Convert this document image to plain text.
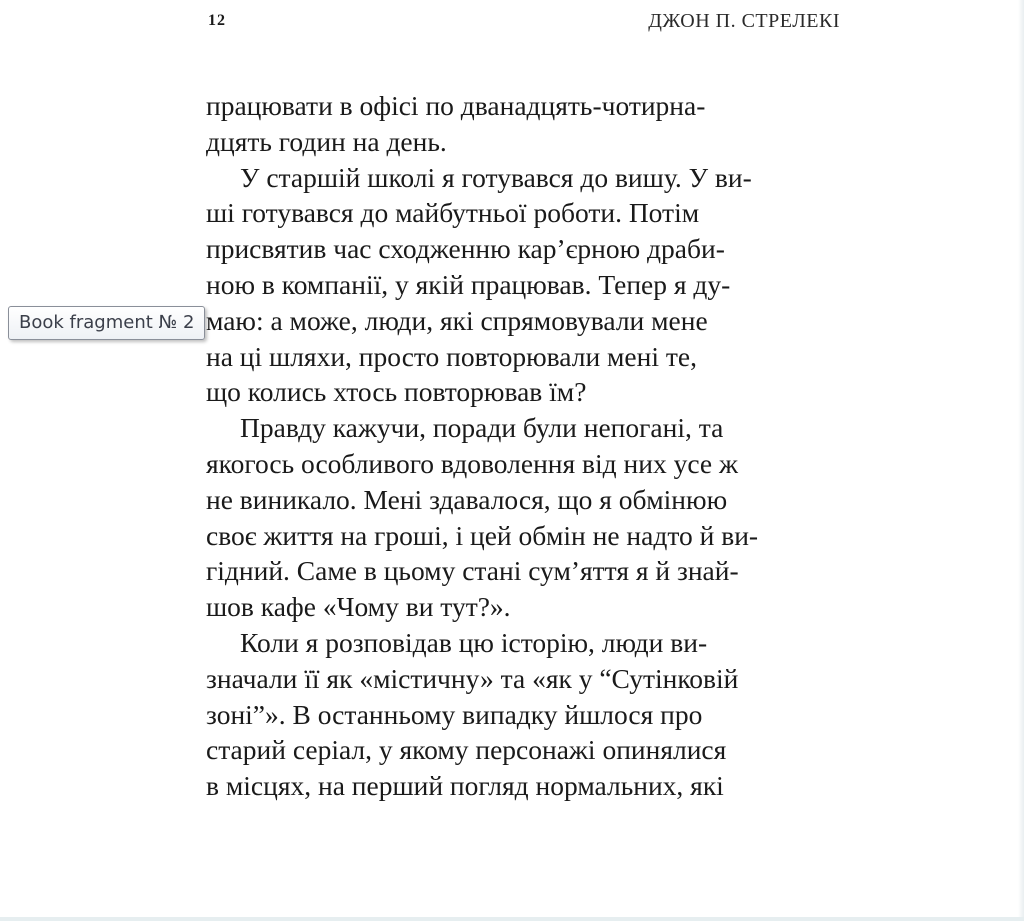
12	ДЖОН П. СТРЕЛЕКІ
працювати в офісі по дванадцять-чотирна-
дцять годин на день.
У старшій школі я готувався до вишу. У ви-
ші готувався до майбутньої роботи. Потім
присвятив час сходженню кар’єрною драби-
ною в компанії, у якій працював. Тепер я ду-
маю: а може, люди, які спрямовували мене
на ці шляхи, просто повторювали мені те,
що колись хтось повторював їм?
Правду кажучи, поради були непогані, та
якогось особливого вдоволення від них усе ж
не виникало. Мені здавалося, що я обмінюю
своє життя на гроші, і цей обмін не надто й ви-
гідний. Саме в цьому стані сум’яття я й знай-
шов кафе «Чому ви тут?».
Коли я розповідав цю історію, люди ви-
значали її як «містичну» та «як у “Сутінковій
зоні”». В останньому випадку йшлося про
старий серіал, у якому персонажі опинялися
в місцях, на перший погляд нормальних, які
Book fragment № 2
